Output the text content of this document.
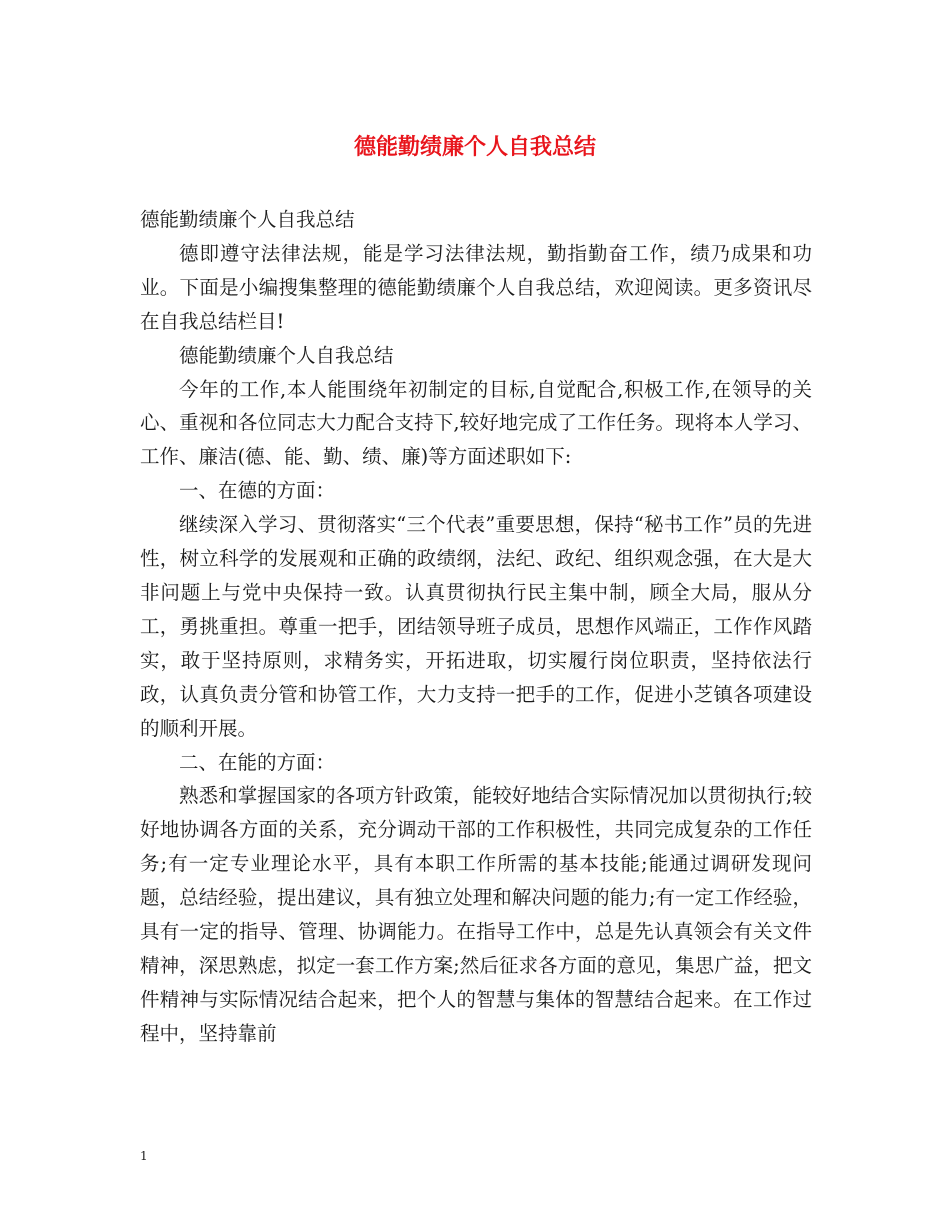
德能勤绩廉个人自我总结

德能勤绩廉个人自我总结

德即遵守法律法规，能是学习法律法规，勤指勤奋工作，绩乃成果和功业。下面是小编搜集整理的德能勤绩廉个人自我总结，欢迎阅读。更多资讯尽在自我总结栏目!

德能勤绩廉个人自我总结

今年的工作,本人能围绕年初制定的目标,自觉配合,积极工作,在领导的关心、重视和各位同志大力配合支持下,较好地完成了工作任务。现将本人学习、工作、廉洁(德、能、勤、绩、廉)等方面述职如下:

一、在德的方面：

继续深入学习、贯彻落实“三个代表”重要思想，保持“秘书工作”员的先进性，树立科学的发展观和正确的政绩纲，法纪、政纪、组织观念强，在大是大非问题上与党中央保持一致。认真贯彻执行民主集中制，顾全大局，服从分工，勇挑重担。尊重一把手，团结领导班子成员，思想作风端正，工作作风踏实，敢于坚持原则，求精务实，开拓进取，切实履行岗位职责，坚持依法行政，认真负责分管和协管工作，大力支持一把手的工作，促进小芝镇各项建设的顺利开展。

二、在能的方面：

熟悉和掌握国家的各项方针政策，能较好地结合实际情况加以贯彻执行;较好地协调各方面的关系，充分调动干部的工作积极性，共同完成复杂的工作任务;有一定专业理论水平，具有本职工作所需的基本技能;能通过调研发现问题，总结经验，提出建议，具有独立处理和解决问题的能力;有一定工作经验，具有一定的指导、管理、协调能力。在指导工作中，总是先认真领会有关文件精神，深思熟虑，拟定一套工作方案;然后征求各方面的意见，集思广益，把文件精神与实际情况结合起来，把个人的智慧与集体的智慧结合起来。在工作过程中，坚持靠前

1
